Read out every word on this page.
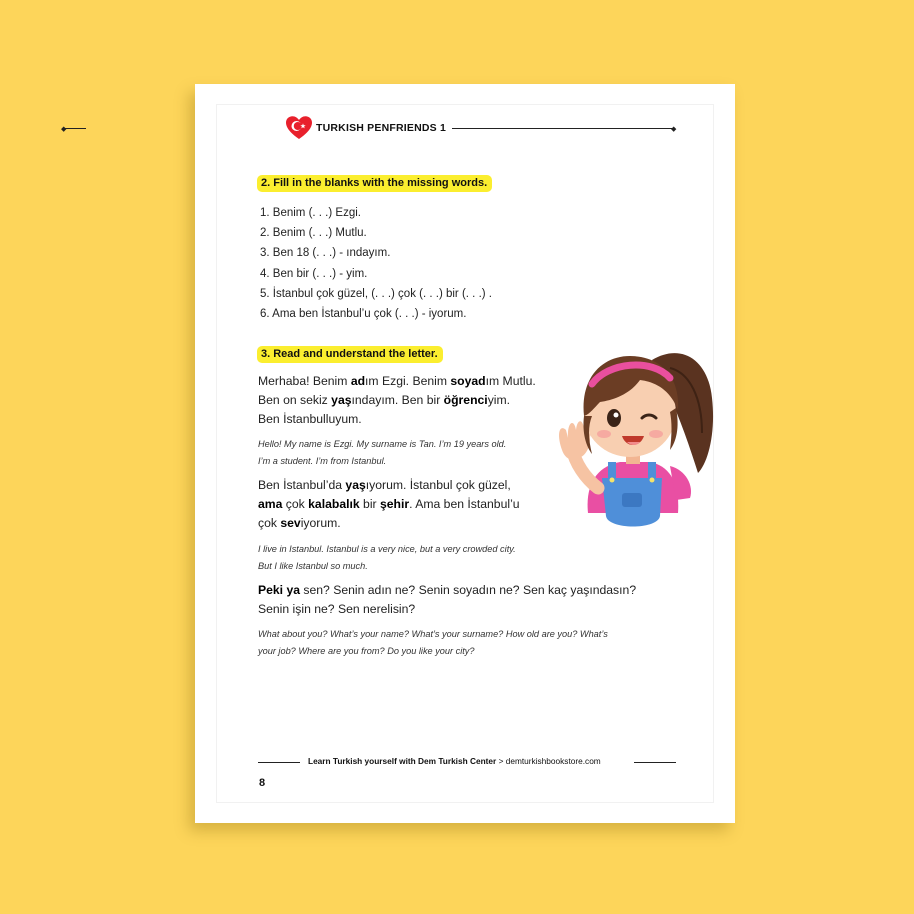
◆	TURKISH PENFRIENDS 1	◆
2. Fill in the blanks with the missing words.
1. Benim (. . .) Ezgi.
2. Benim (. . .) Mutlu.
3. Ben 18 (. . .) - ındayım.
4. Ben bir (. . .) - yim.
5. İstanbul çok güzel, (. . .) çok (. . .) bir (. . .) .
6. Ama ben İstanbul’u çok (. . .) - iyorum.
3. Read and understand the letter.
Merhaba! Benim adım Ezgi. Benim soyadım Mutlu.
Ben on sekiz yaşındayım. Ben bir öğrenciyim.
Ben İstanbulluyum.
Hello! My name is Ezgi. My surname is Tan. I’m 19 years old.
I’m a student. I’m from Istanbul.
Ben İstanbul’da yaşıyorum. İstanbul çok güzel,
ama çok kalabalık bir şehir. Ama ben İstanbul’u
çok seviyorum.
I live in Istanbul. Istanbul is a very nice, but a very crowded city.
But I like Istanbul so much.
Peki ya sen? Senin adın ne? Senin soyadın ne? Sen kaç yaşındasın?
Senin işin ne? Sen nerelisin?
What about you? What’s your name? What’s your surname? How old are you? What’s
your job? Where are you from? Do you like your city?
Learn Turkish yourself with Dem Turkish Center > demturkishbookstore.com
8
